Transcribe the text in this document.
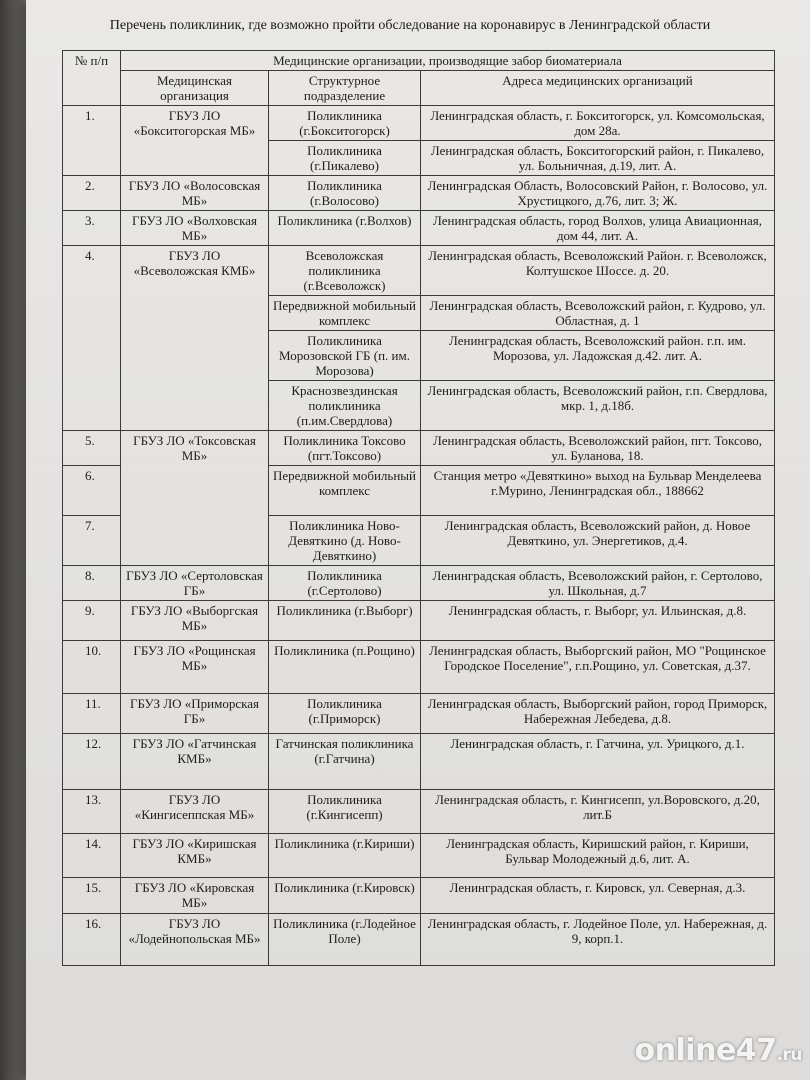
Перечень поликлиник, где возможно пройти обследование на коронавирус в Ленинградской области
№ п/п	Медицинские организации, производящие забор биоматериала		
	Медицинская организация	Структурное подразделение	Адреса медицинских организаций
1.	ГБУЗ ЛО «Бокситогорская МБ»	Поликлиника (г.Бокситогорск)	Ленинградская область, г. Бокситогорск, ул. Комсомольская, дом 28а.
		Поликлиника (г.Пикалево)	Ленинградская область, Бокситогорский район, г. Пикалево, ул. Больничная, д.19, лит. А.
2.	ГБУЗ ЛО «Волосовская МБ»	Поликлиника (г.Волосово)	Ленинградская Область, Волосовский Район, г. Волосово, ул. Хрустицкого, д.76, лит. 3; Ж.
3.	ГБУЗ ЛО «Волховская МБ»	Поликлиника (г.Волхов)	Ленинградская область, город Волхов, улица Авиационная, дом 44, лит. А.
4.	ГБУЗ ЛО «Всеволожская КМБ»	Всеволожская поликлиника (г.Всеволожск)	Ленинградская область, Всеволожский Район. г. Всеволожск, Колтушское Шоссе. д. 20.
		Передвижной мобильный комплекс	Ленинградская область, Всеволожский район, г. Кудрово, ул. Областная, д. 1
		Поликлиника Морозовской ГБ (п. им. Морозова)	Ленинградская область, Всеволожский район. г.п. им. Морозова, ул. Ладожская д.42. лит. А.
		Краснозвездинская поликлиника (п.им.Свердлова)	Ленинградская область, Всеволожский район, г.п. Свердлова, мкр. 1, д.18б.
5.	ГБУЗ ЛО «Токсовская МБ»	Поликлиника Токсово (пгт.Токсово)	Ленинградская область, Всеволожский район, пгт. Токсово, ул. Буланова, 18.
6.		Передвижной мобильный комплекс	Станция метро «Девяткино» выход на Бульвар Менделеева г.Мурино, Ленинградская обл., 188662
7.		Поликлиника Ново-Девяткино (д. Ново-Девяткино)	Ленинградская область, Всеволожский район, д. Новое Девяткино, ул. Энергетиков, д.4.
8.	ГБУЗ ЛО «Сертоловская ГБ»	Поликлиника (г.Сертолово)	Ленинградская область, Всеволожский район, г. Сертолово, ул. Школьная, д.7
9.	ГБУЗ ЛО «Выборгская МБ»	Поликлиника (г.Выборг)	Ленинградская область, г. Выборг, ул. Ильинская, д.8.
10.	ГБУЗ ЛО «Рощинская МБ»	Поликлиника (п.Рощино)	Ленинградская область, Выборгский район, МО "Рощинское Городское Поселение", г.п.Рощино, ул. Советская, д.37.
11.	ГБУЗ ЛО «Приморская ГБ»	Поликлиника (г.Приморск)	Ленинградская область, Выборгский район, город Приморск, Набережная Лебедева, д.8.
12.	ГБУЗ ЛО «Гатчинская КМБ»	Гатчинская поликлиника (г.Гатчина)	Ленинградская область, г. Гатчина, ул. Урицкого, д.1.
13.	ГБУЗ ЛО «Кингисеппская МБ»	Поликлиника (г.Кингисепп)	Ленинградская область, г. Кингисепп, ул.Воровского, д.20, лит.Б
14.	ГБУЗ ЛО «Киришская КМБ»	Поликлиника (г.Кириши)	Ленинградская область, Киришский район, г. Кириши, Бульвар Молодежный д.6, лит. А.
15.	ГБУЗ ЛО «Кировская МБ»	Поликлиника (г.Кировск)	Ленинградская область, г. Кировск, ул. Северная, д.3.
16.	ГБУЗ ЛО «Лодейнопольская МБ»	Поликлиника (г.Лодейное Поле)	Ленинградская область, г. Лодейное Поле, ул. Набережная, д. 9, корп.1.
online47.ru
